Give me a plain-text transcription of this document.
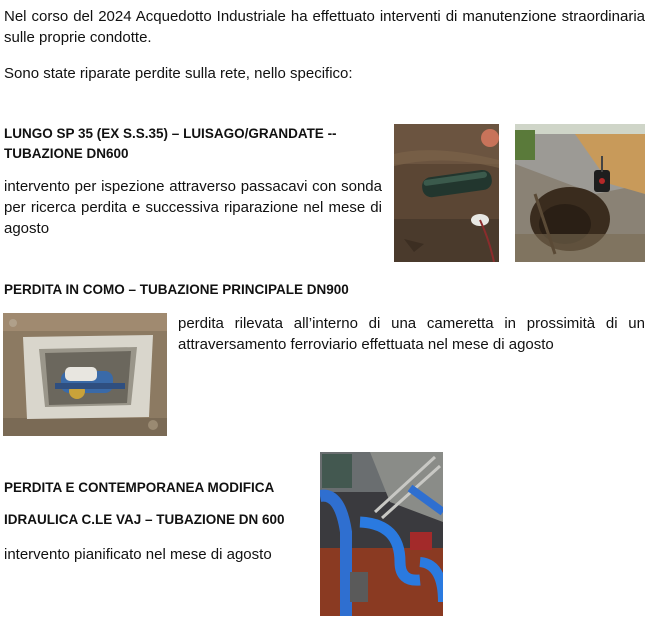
Nel corso del 2024 Acquedotto Industriale ha effettuato interventi di manutenzione straordinaria sulle proprie condotte.
Sono state riparate perdite sulla rete, nello specifico:
LUNGO SP 35 (EX S.S.35) – LUISAGO/GRANDATE --
TUBAZIONE DN600
intervento per ispezione attraverso passacavi con sonda per ricerca perdita e successiva riparazione nel mese di agosto
PERDITA IN COMO – TUBAZIONE PRINCIPALE DN900
perdita rilevata all’interno di una cameretta in prossimità di un attraversamento ferroviario effettuata nel mese di agosto
PERDITA E CONTEMPORANEA MODIFICA
IDRAULICA C.LE VAJ – TUBAZIONE DN 600
intervento pianificato nel mese di agosto
